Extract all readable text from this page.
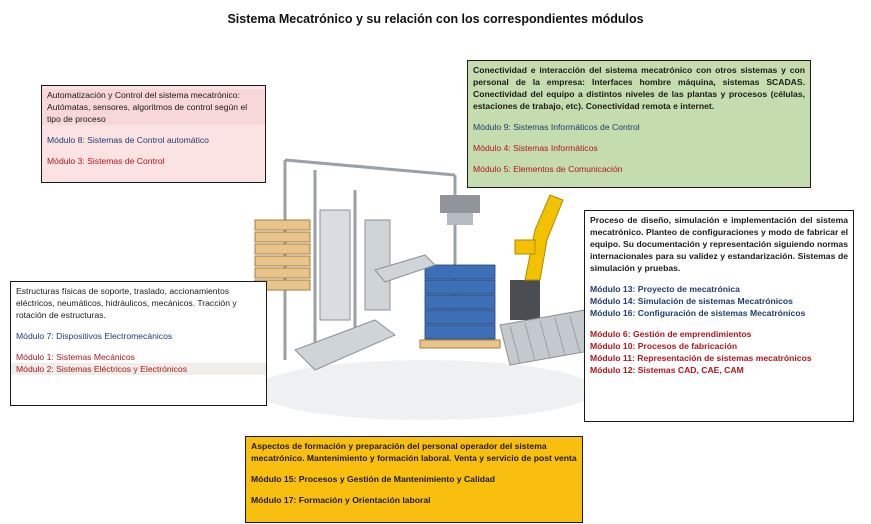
Sistema Mecatrónico y su relación con los correspondientes módulos
Automatización y Control del sistema mecatrónico: Autómatas, sensores, algoritmos de control según el tipo de proceso
Módulo 8: Sistemas de Control automático
Módulo 3: Sistemas de Control
Conectividad e interacción del sistema mecatrónico con otros sistemas y con personal de la empresa: Interfaces hombre máquina, sistemas SCADAS. Conectividad del equipo a distintos niveles de las plantas y procesos (células, estaciones de trabajo, etc). Conectividad remota e internet.
Módulo 9: Sistemas Informáticos de Control
Módulo 4: Sistemas Informáticos
Módulo 5: Elementos de Comunicación
Proceso de diseño, simulación e implementación del sistema mecatrónico. Planteo de configuraciones y modo de fabricar el equipo. Su documentación y representación siguiendo normas internacionales para su validez y estandarización. Sistemas de simulación y pruebas.
Módulo 13: Proyecto de mecatrónica
Módulo 14: Simulación de sistemas Mecatrónicos
Módulo 16: Configuración de sistemas Mecatrónicos
Módulo 6: Gestión de emprendimientos
Módulo 10: Procesos de fabricación
Módulo 11: Representación de sistemas mecatrónicos
Módulo 12: Sistemas CAD, CAE, CAM
Estructuras físicas de soporte, traslado, accionamientos eléctricos, neumáticos, hidráulicos, mecánicos. Tracción y rotación de estructuras.
Módulo 7: Dispositivos Electromecánicos
Módulo 1: Sistemas Mecánicos
Módulo 2: Sistemas Eléctricos y Electrónicos
Aspectos de formación y preparación del personal operador del sistema mecatrónico. Mantenimiento y formación laboral. Venta y servicio de post venta
Módulo 15: Procesos y Gestión de Mantenimiento y Calidad
Módulo 17: Formación y Orientación laboral
